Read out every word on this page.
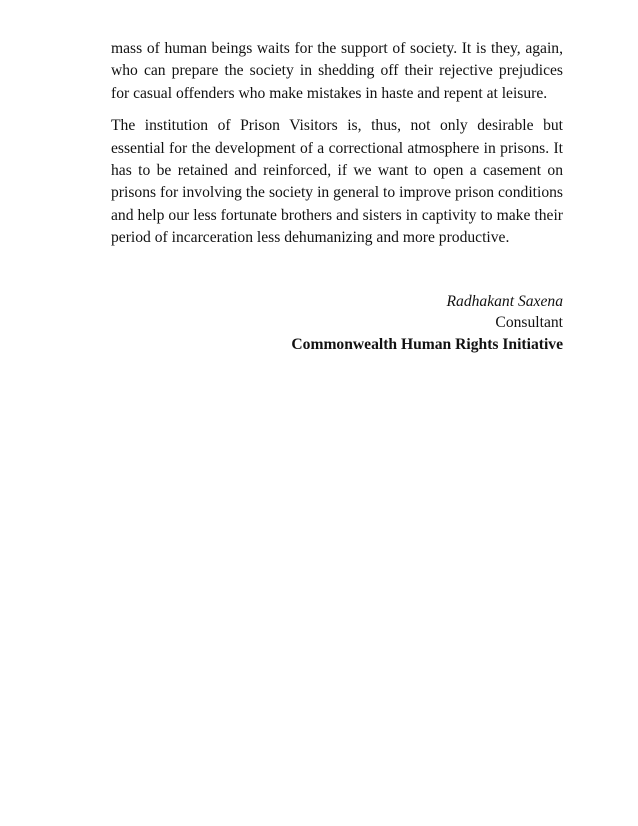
mass of human beings waits for the support of society. It is they, again, who can prepare the society in shedding off their rejective prejudices for casual offenders who make mistakes in haste and repent at leisure.

The institution of Prison Visitors is, thus, not only desirable but essential for the development of a correctional atmosphere in prisons. It has to be retained and reinforced, if we want to open a casement on prisons for involving the society in general to improve prison conditions and help our less fortunate brothers and sisters in captivity to make their period of incarceration less dehumanizing and more productive.

Radhakant Saxena
Consultant
Commonwealth Human Rights Initiative
